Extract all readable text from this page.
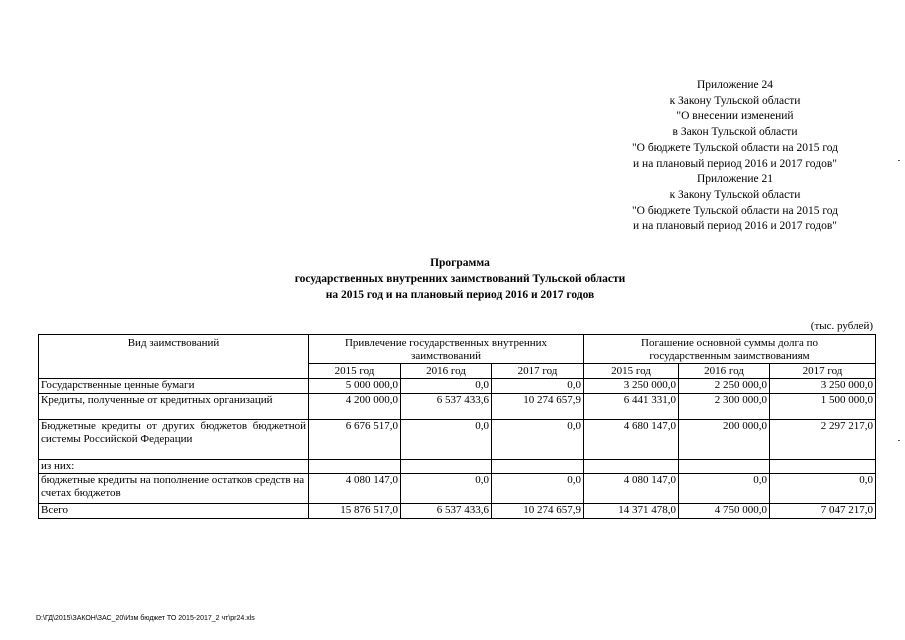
Приложение 24
к Закону Тульской области
"О внесении изменений
в Закон Тульской области
"О бюджете Тульской области на 2015 год
и на плановый период 2016 и 2017 годов"
Приложение 21
к Закону Тульской области
"О бюджете Тульской области на 2015 год
и на плановый период 2016 и 2017 годов"
Программа
государственных внутренних заимствований Тульской области
на 2015 год и на плановый период 2016 и 2017 годов
(тыс. рублей)
Вид заимствований	Привлечение государственных внутренних заимствований			Погашение основной суммы долга по государственным заимствованиям		
	2015 год	2016 год	2017 год	2015 год	2016 год	2017 год
Государственные ценные бумаги	5 000 000,0	0,0	0,0	3 250 000,0	2 250 000,0	3 250 000,0
Кредиты, полученные от кредитных организаций	4 200 000,0	6 537 433,6	10 274 657,9	6 441 331,0	2 300 000,0	1 500 000,0
Бюджетные кредиты от других бюджетов бюджетной системы Российской Федерации	6 676 517,0	0,0	0,0	4 680 147,0	200 000,0	2 297 217,0
из них:						
бюджетные кредиты на пополнение остатков средств на счетах бюджетов	4 080 147,0	0,0	0,0	4 080 147,0	0,0	0,0
Всего	15 876 517,0	6 537 433,6	10 274 657,9	14 371 478,0	4 750 000,0	7 047 217,0
D:\ГД\2015\ЗАКОН\ЗАС_20\Изм бюджет ТО 2015-2017_2 чт\pr24.xls
